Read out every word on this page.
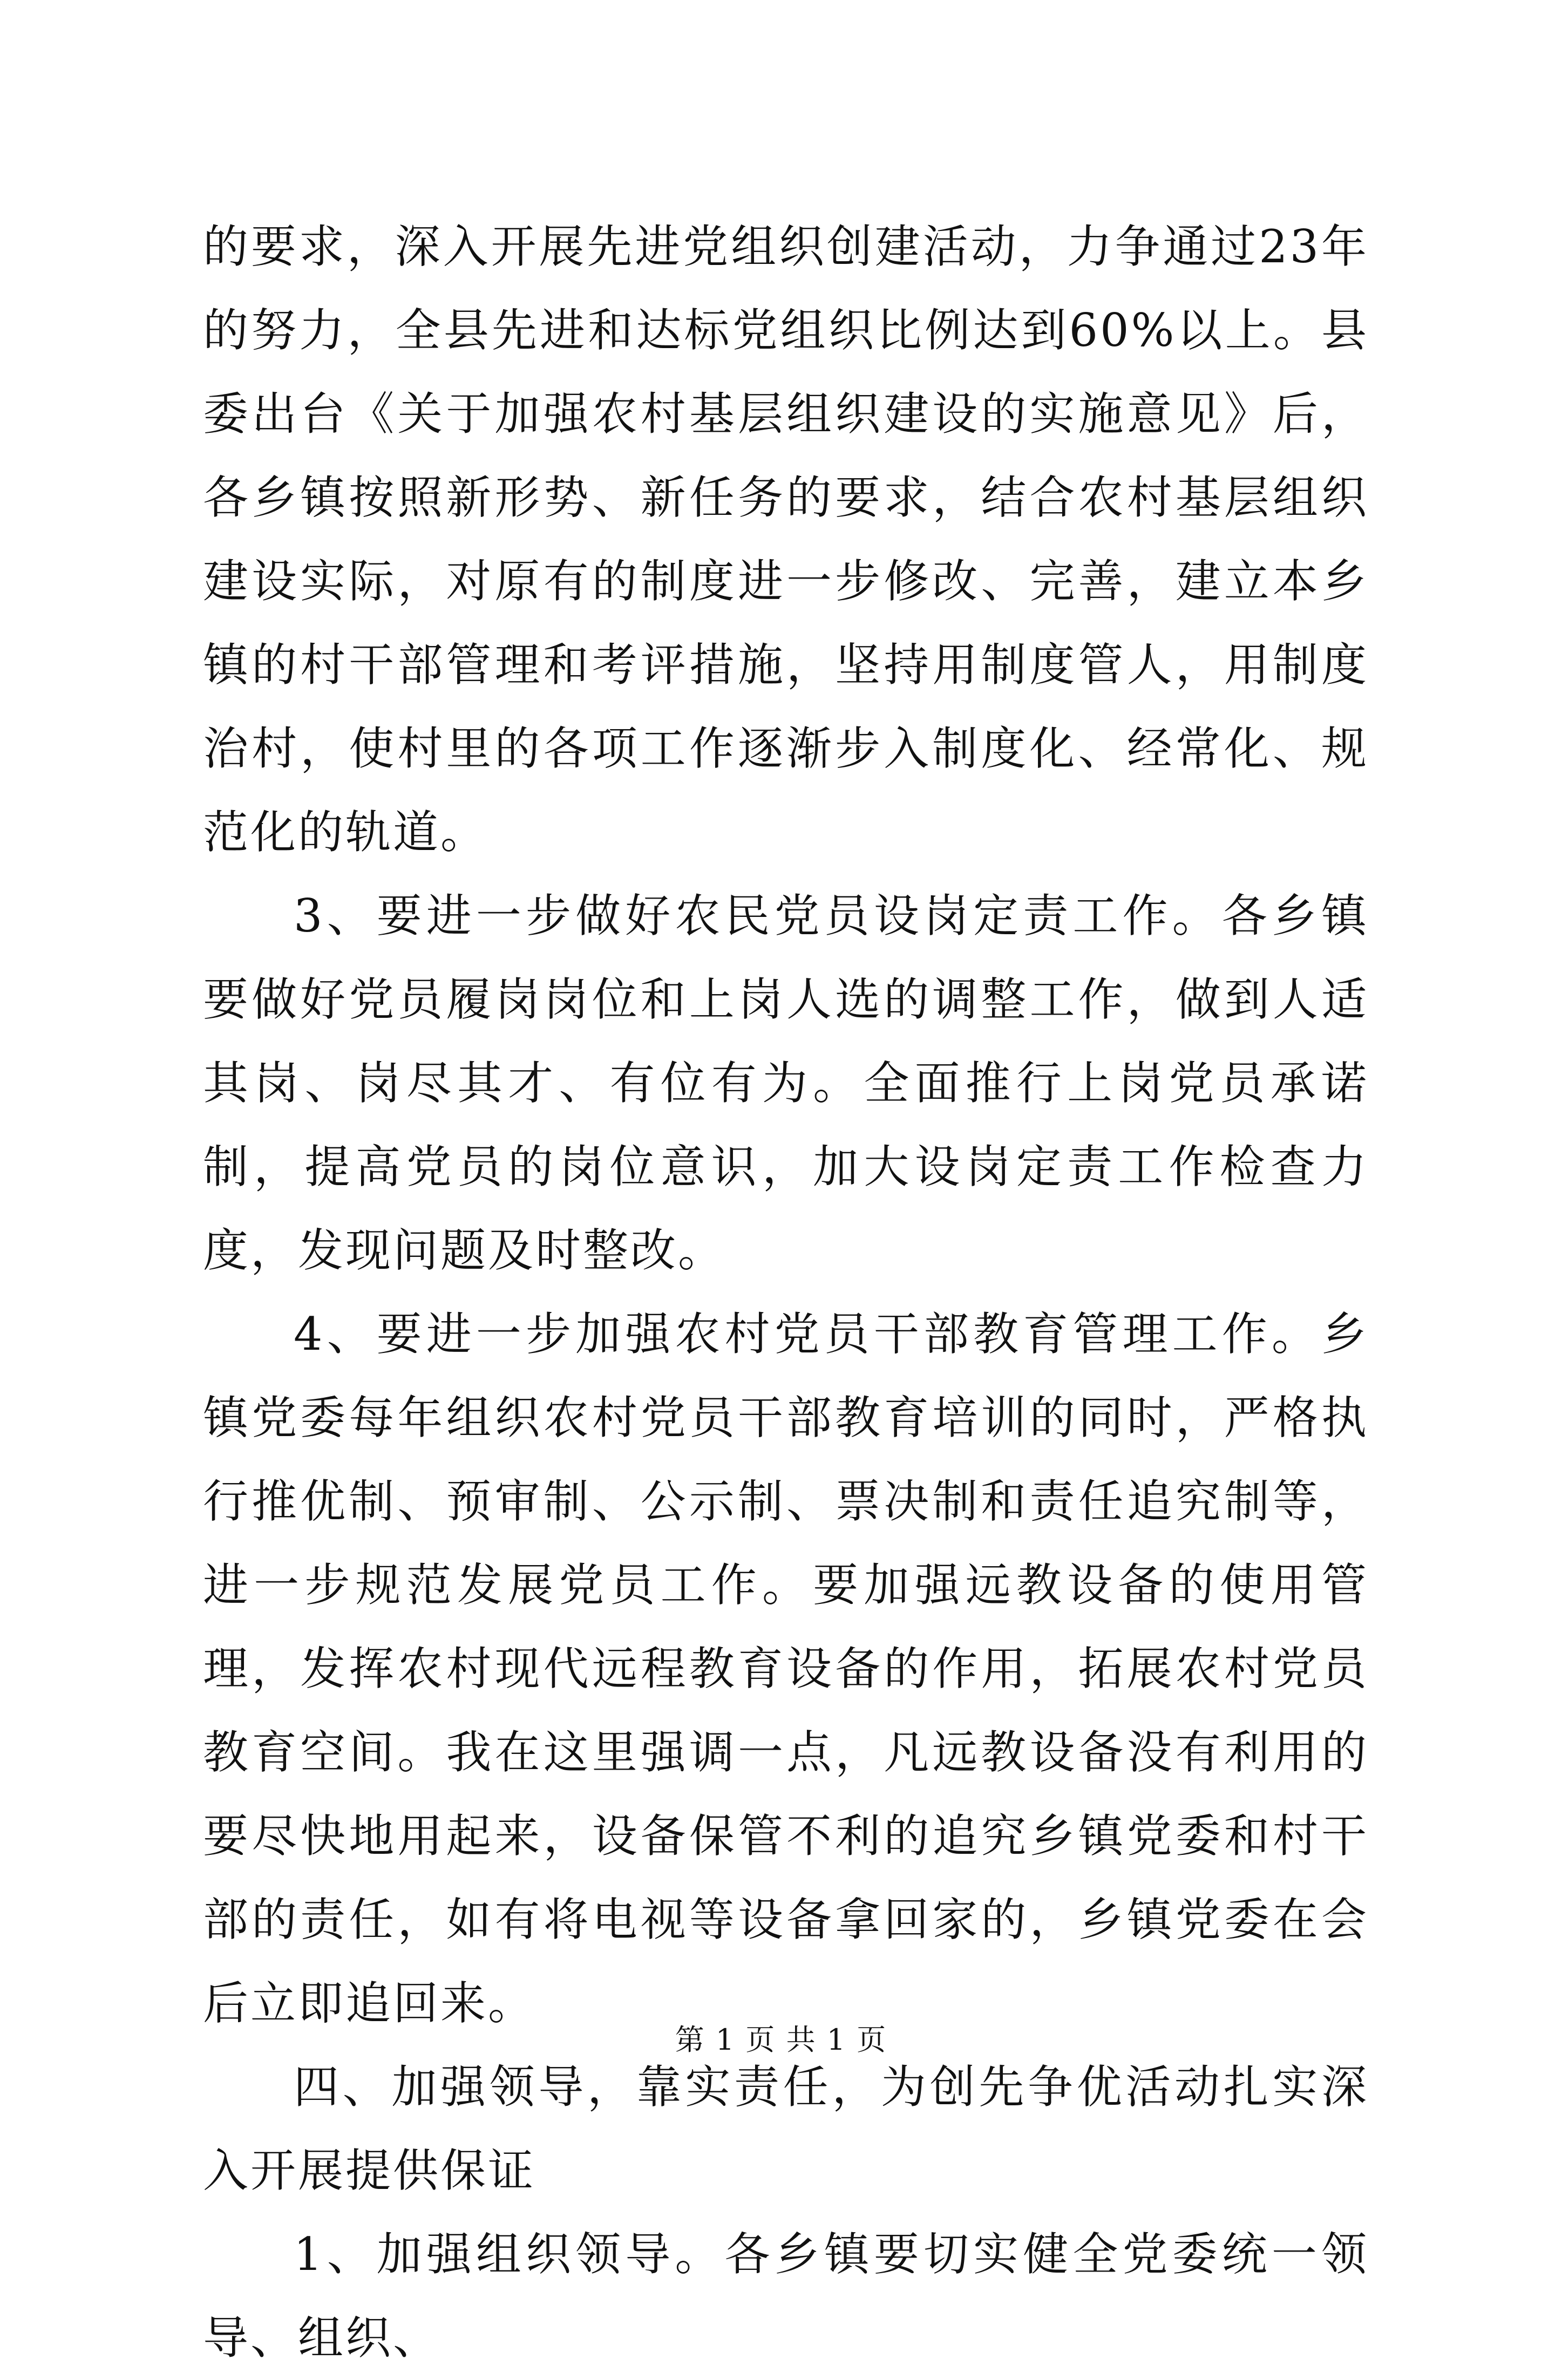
的要求，深入开展先进党组织创建活动，力争通过23年的努力，全县先进和达标党组织比例达到60%以上。县委出台《关于加强农村基层组织建设的实施意见》后，各乡镇按照新形势、新任务的要求，结合农村基层组织建设实际，对原有的制度进一步修改、完善，建立本乡镇的村干部管理和考评措施，坚持用制度管人，用制度治村，使村里的各项工作逐渐步入制度化、经常化、规范化的轨道。

3、要进一步做好农民党员设岗定责工作。各乡镇要做好党员履岗岗位和上岗人选的调整工作，做到人适其岗、岗尽其才、有位有为。全面推行上岗党员承诺制，提高党员的岗位意识，加大设岗定责工作检查力度，发现问题及时整改。

4、要进一步加强农村党员干部教育管理工作。乡镇党委每年组织农村党员干部教育培训的同时，严格执行推优制、预审制、公示制、票决制和责任追究制等，进一步规范发展党员工作。要加强远教设备的使用管理，发挥农村现代远程教育设备的作用，拓展农村党员教育空间。我在这里强调一点，凡远教设备没有利用的要尽快地用起来，设备保管不利的追究乡镇党委和村干部的责任，如有将电视等设备拿回家的，乡镇党委在会后立即追回来。

四、加强领导，靠实责任，为创先争优活动扎实深入开展提供保证

1、加强组织领导。各乡镇要切实健全党委统一领导、组织、

第 1 页 共 1 页
